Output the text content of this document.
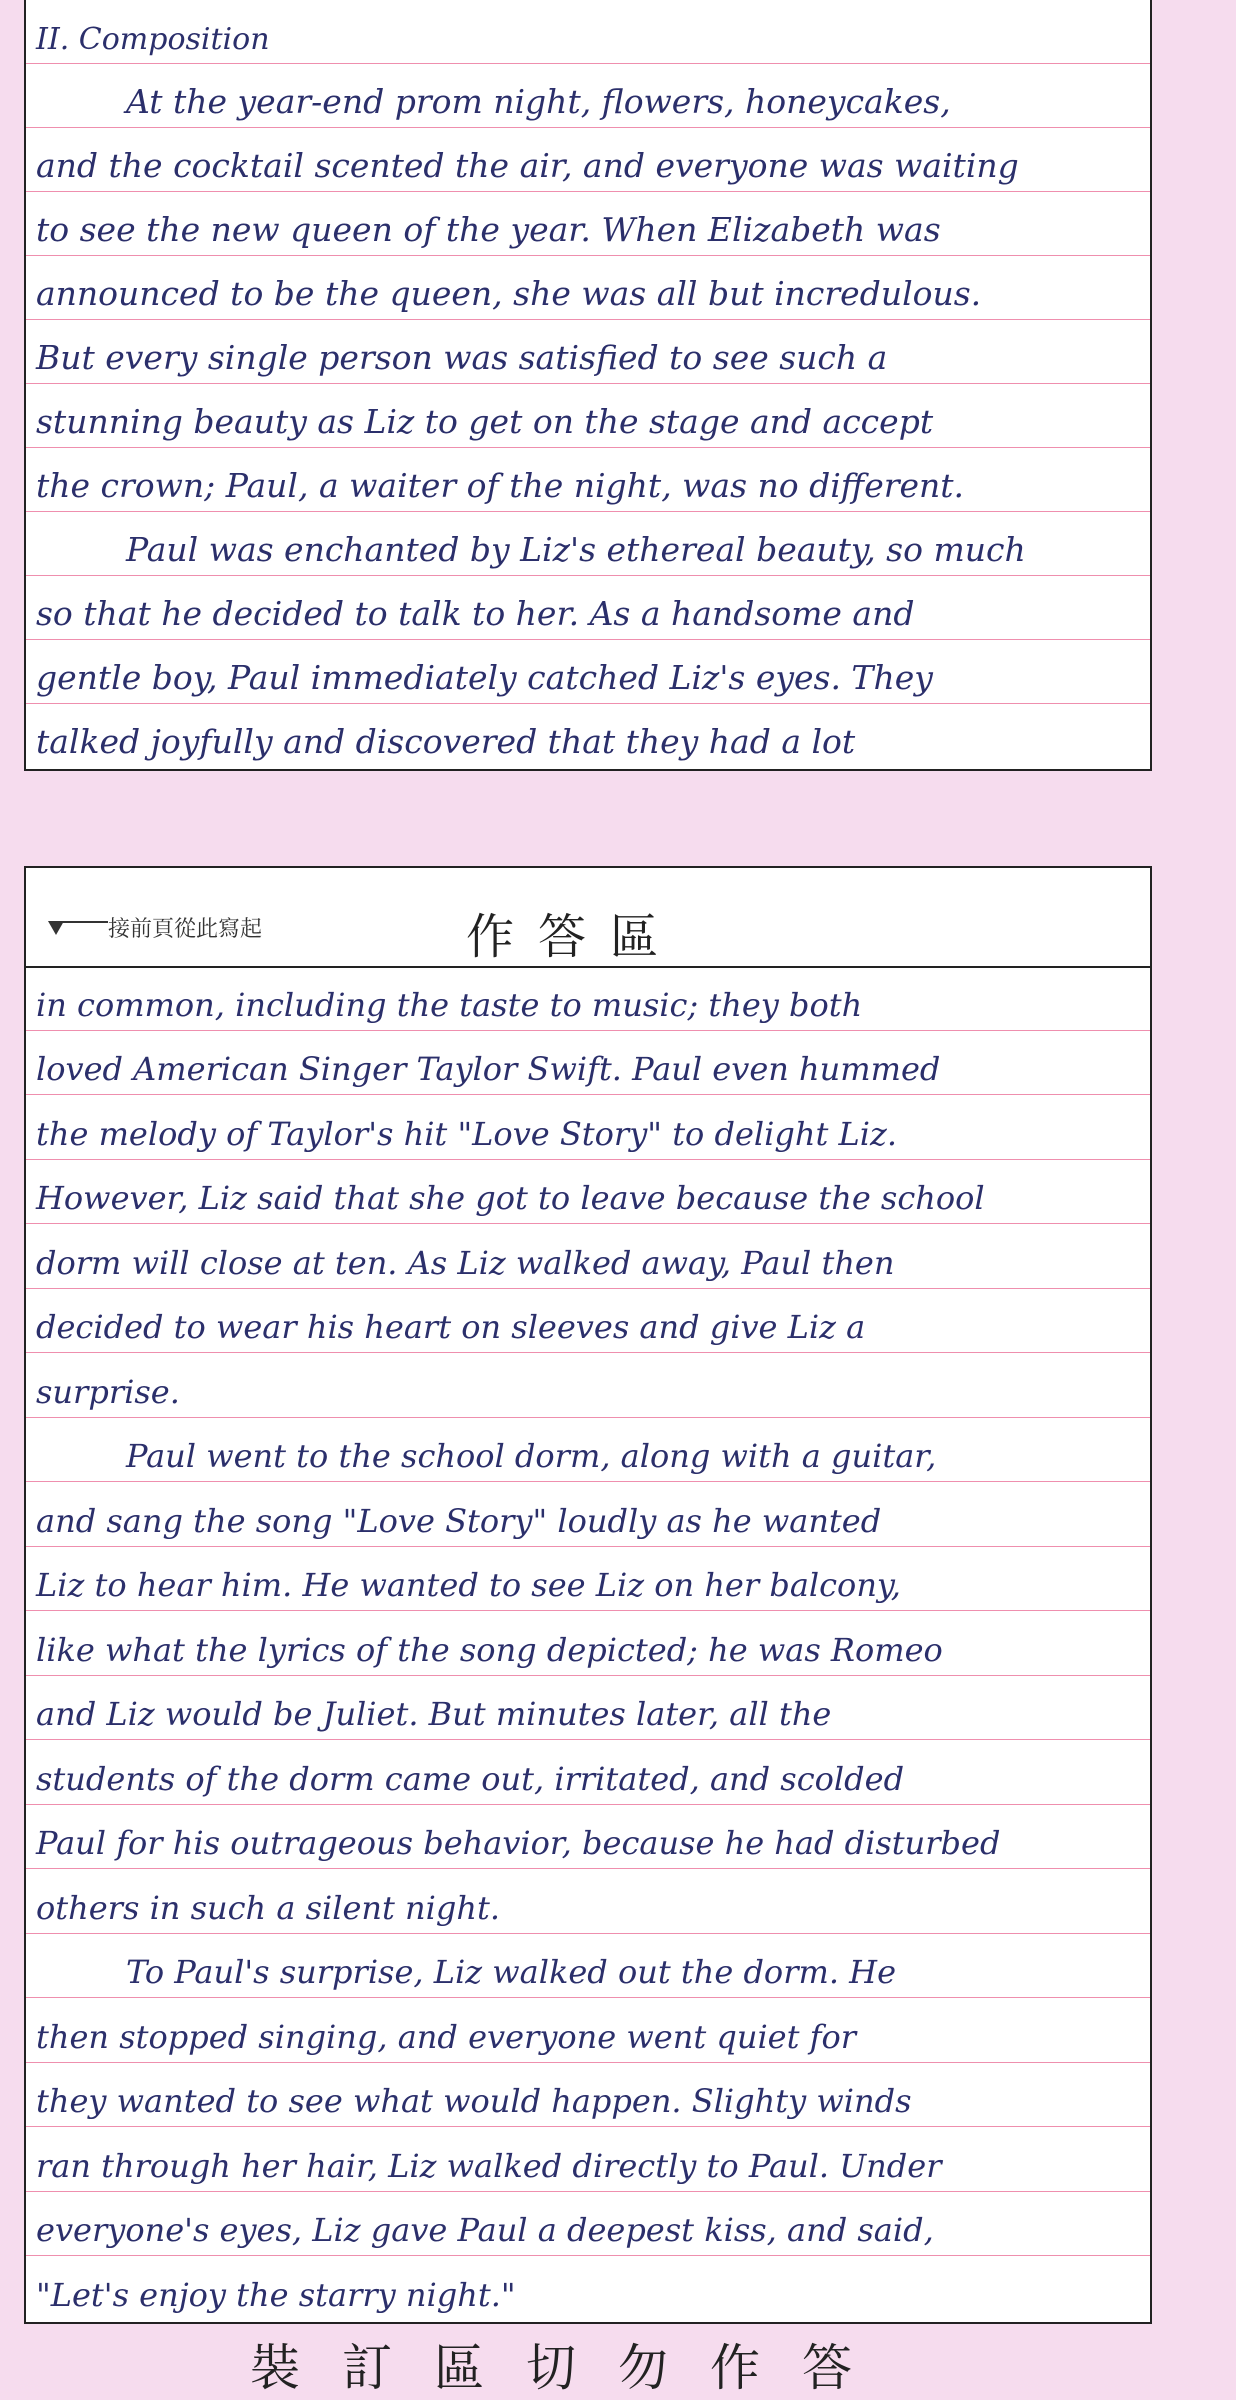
II. Composition
At the year-end prom night, flowers, honeycakes,
and the cocktail scented the air, and everyone was waiting
to see the new queen of the year. When Elizabeth was
announced to be the queen, she was all but incredulous.
But every single person was satisfied to see such a
stunning beauty as Liz to get on the stage and accept
the crown; Paul, a waiter of the night, was no different.
Paul was enchanted by Liz's ethereal beauty, so much
so that he decided to talk to her. As a handsome and
gentle boy, Paul immediately catched Liz's eyes. They
talked joyfully and discovered that they had a lot
接前頁從此寫起	作答區
in common, including the taste to music; they both
loved American Singer Taylor Swift. Paul even hummed
the melody of Taylor's hit "Love Story" to delight Liz.
However, Liz said that she got to leave because the school
dorm will close at ten. As Liz walked away, Paul then
decided to wear his heart on sleeves and give Liz a
surprise.
Paul went to the school dorm, along with a guitar,
and sang the song "Love Story" loudly as he wanted
Liz to hear him. He wanted to see Liz on her balcony,
like what the lyrics of the song depicted; he was Romeo
and Liz would be Juliet. But minutes later, all the
students of the dorm came out, irritated, and scolded
Paul for his outrageous behavior, because he had disturbed
others in such a silent night.
To Paul's surprise, Liz walked out the dorm. He
then stopped singing, and everyone went quiet for
they wanted to see what would happen. Slighty winds
ran through her hair, Liz walked directly to Paul. Under
everyone's eyes, Liz gave Paul a deepest kiss, and said,
"Let's enjoy the starry night."
裝訂區切勿作答
